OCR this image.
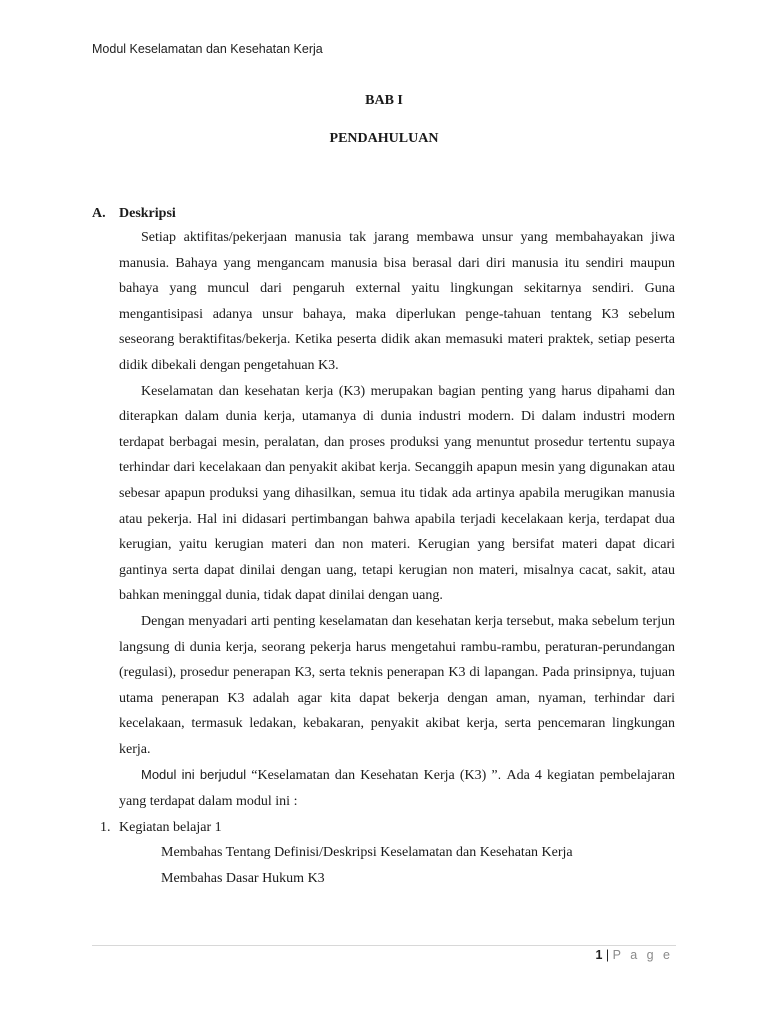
Modul Keselamatan dan Kesehatan Kerja
BAB I
PENDAHULUAN
A. Deskripsi

Setiap aktifitas/pekerjaan manusia tak jarang membawa unsur yang membahayakan jiwa manusia. Bahaya yang mengancam manusia bisa berasal dari diri manusia itu sendiri maupun bahaya yang muncul dari pengaruh external yaitu lingkungan sekitarnya sendiri. Guna mengantisipasi adanya unsur bahaya, maka diperlukan penge-tahuan tentang K3 sebelum seseorang beraktifitas/bekerja. Ketika peserta didik akan memasuki materi praktek, setiap peserta didik dibekali dengan pengetahuan K3.

Keselamatan dan kesehatan kerja (K3) merupakan bagian penting yang harus dipahami dan diterapkan dalam dunia kerja, utamanya di dunia industri modern. Di dalam industri modern terdapat berbagai mesin, peralatan, dan proses produksi yang menuntut prosedur tertentu supaya terhindar dari kecelakaan dan penyakit akibat kerja. Secanggih apapun mesin yang digunakan atau sebesar apapun produksi yang dihasilkan, semua itu tidak ada artinya apabila merugikan manusia atau pekerja. Hal ini didasari pertimbangan bahwa apabila terjadi kecelakaan kerja, terdapat dua kerugian, yaitu kerugian materi dan non materi. Kerugian yang bersifat materi dapat dicari gantinya serta dapat dinilai dengan uang, tetapi kerugian non materi, misalnya cacat, sakit, atau bahkan meninggal dunia, tidak dapat dinilai dengan uang.

Dengan menyadari arti penting keselamatan dan kesehatan kerja tersebut, maka sebelum terjun langsung di dunia kerja, seorang pekerja harus mengetahui rambu-rambu, peraturan-perundangan (regulasi), prosedur penerapan K3, serta teknis penerapan K3 di lapangan. Pada prinsipnya, tujuan utama penerapan K3 adalah agar kita dapat bekerja dengan aman, nyaman, terhindar dari kecelakaan, termasuk ledakan, kebakaran, penyakit akibat kerja, serta pencemaran lingkungan kerja.

Modul ini berjudul “Keselamatan dan Kesehatan Kerja (K3) ”. Ada 4 kegiatan pembelajaran yang terdapat dalam modul ini :

1. Kegiatan belajar 1

Membahas Tentang Definisi/Deskripsi Keselamatan dan Kesehatan Kerja

Membahas Dasar Hukum K3

1 | P a g e
